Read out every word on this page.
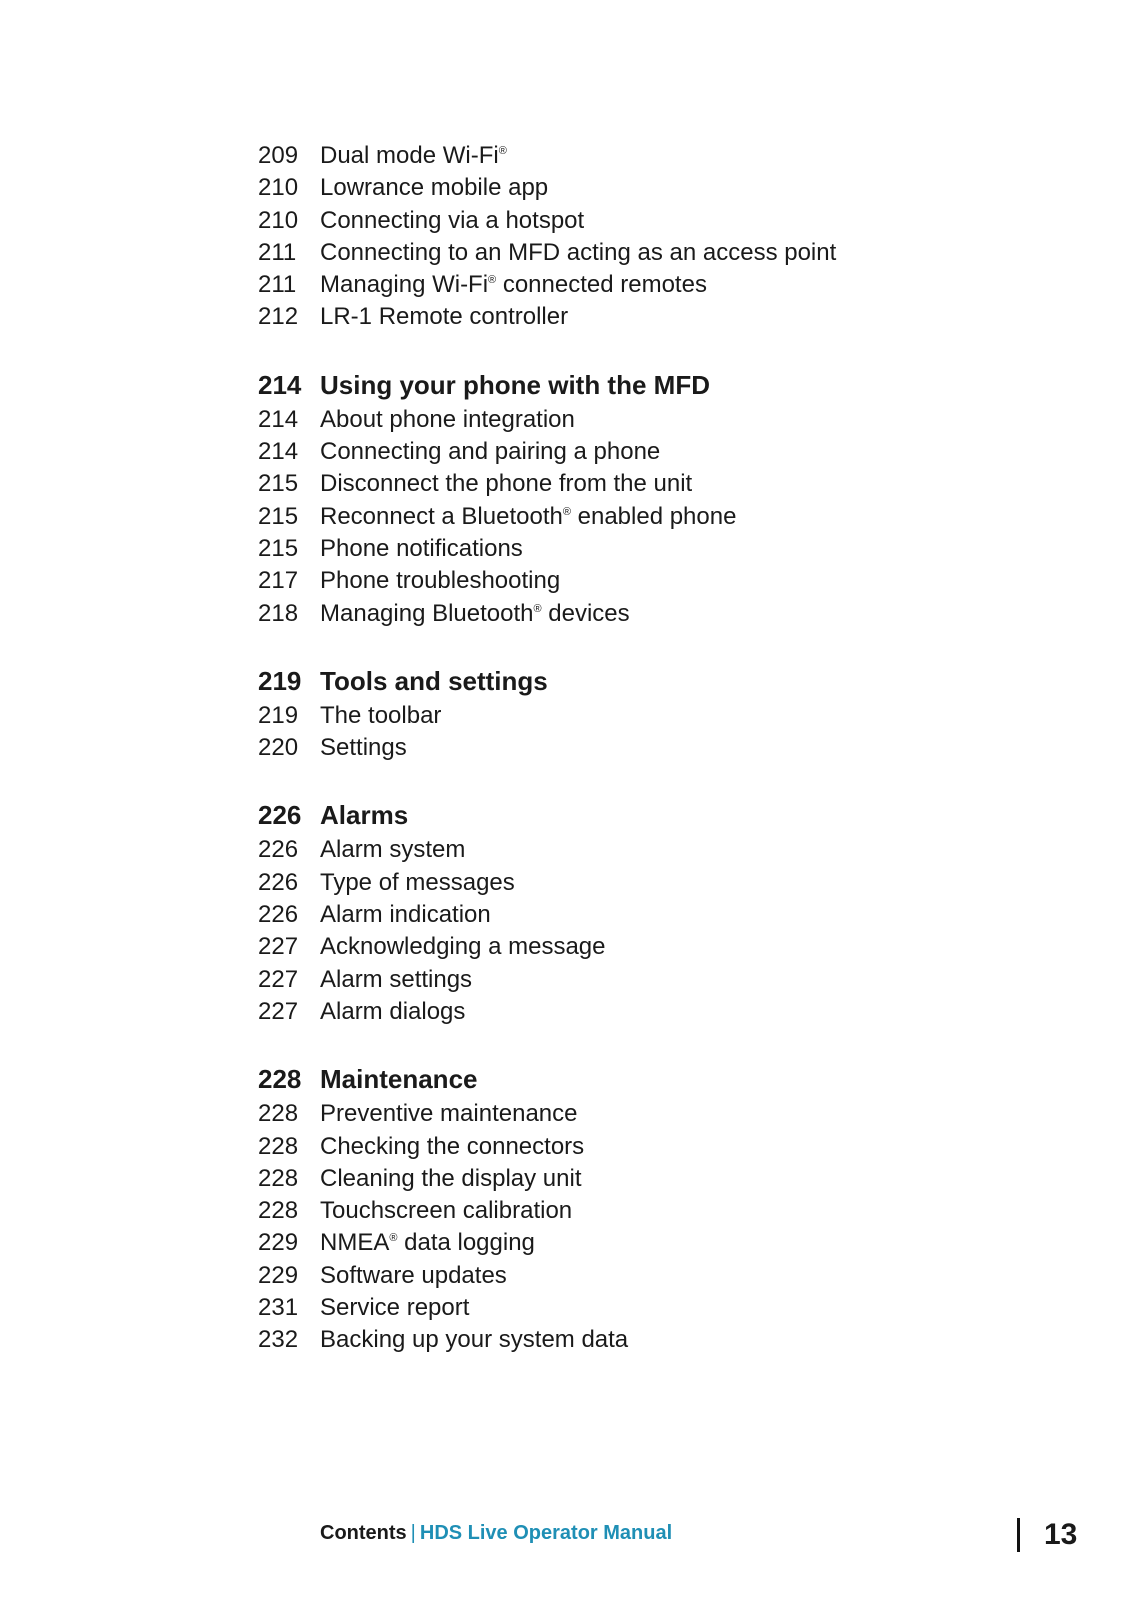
209 Dual mode Wi-Fi®
210 Lowrance mobile app
210 Connecting via a hotspot
211 Connecting to an MFD acting as an access point
211 Managing Wi-Fi® connected remotes
212 LR-1 Remote controller
214 Using your phone with the MFD
214 About phone integration
214 Connecting and pairing a phone
215 Disconnect the phone from the unit
215 Reconnect a Bluetooth® enabled phone
215 Phone notifications
217 Phone troubleshooting
218 Managing Bluetooth® devices
219 Tools and settings
219 The toolbar
220 Settings
226 Alarms
226 Alarm system
226 Type of messages
226 Alarm indication
227 Acknowledging a message
227 Alarm settings
227 Alarm dialogs
228 Maintenance
228 Preventive maintenance
228 Checking the connectors
228 Cleaning the display unit
228 Touchscreen calibration
229 NMEA® data logging
229 Software updates
231 Service report
232 Backing up your system data
Contents | HDS Live Operator Manual	13
